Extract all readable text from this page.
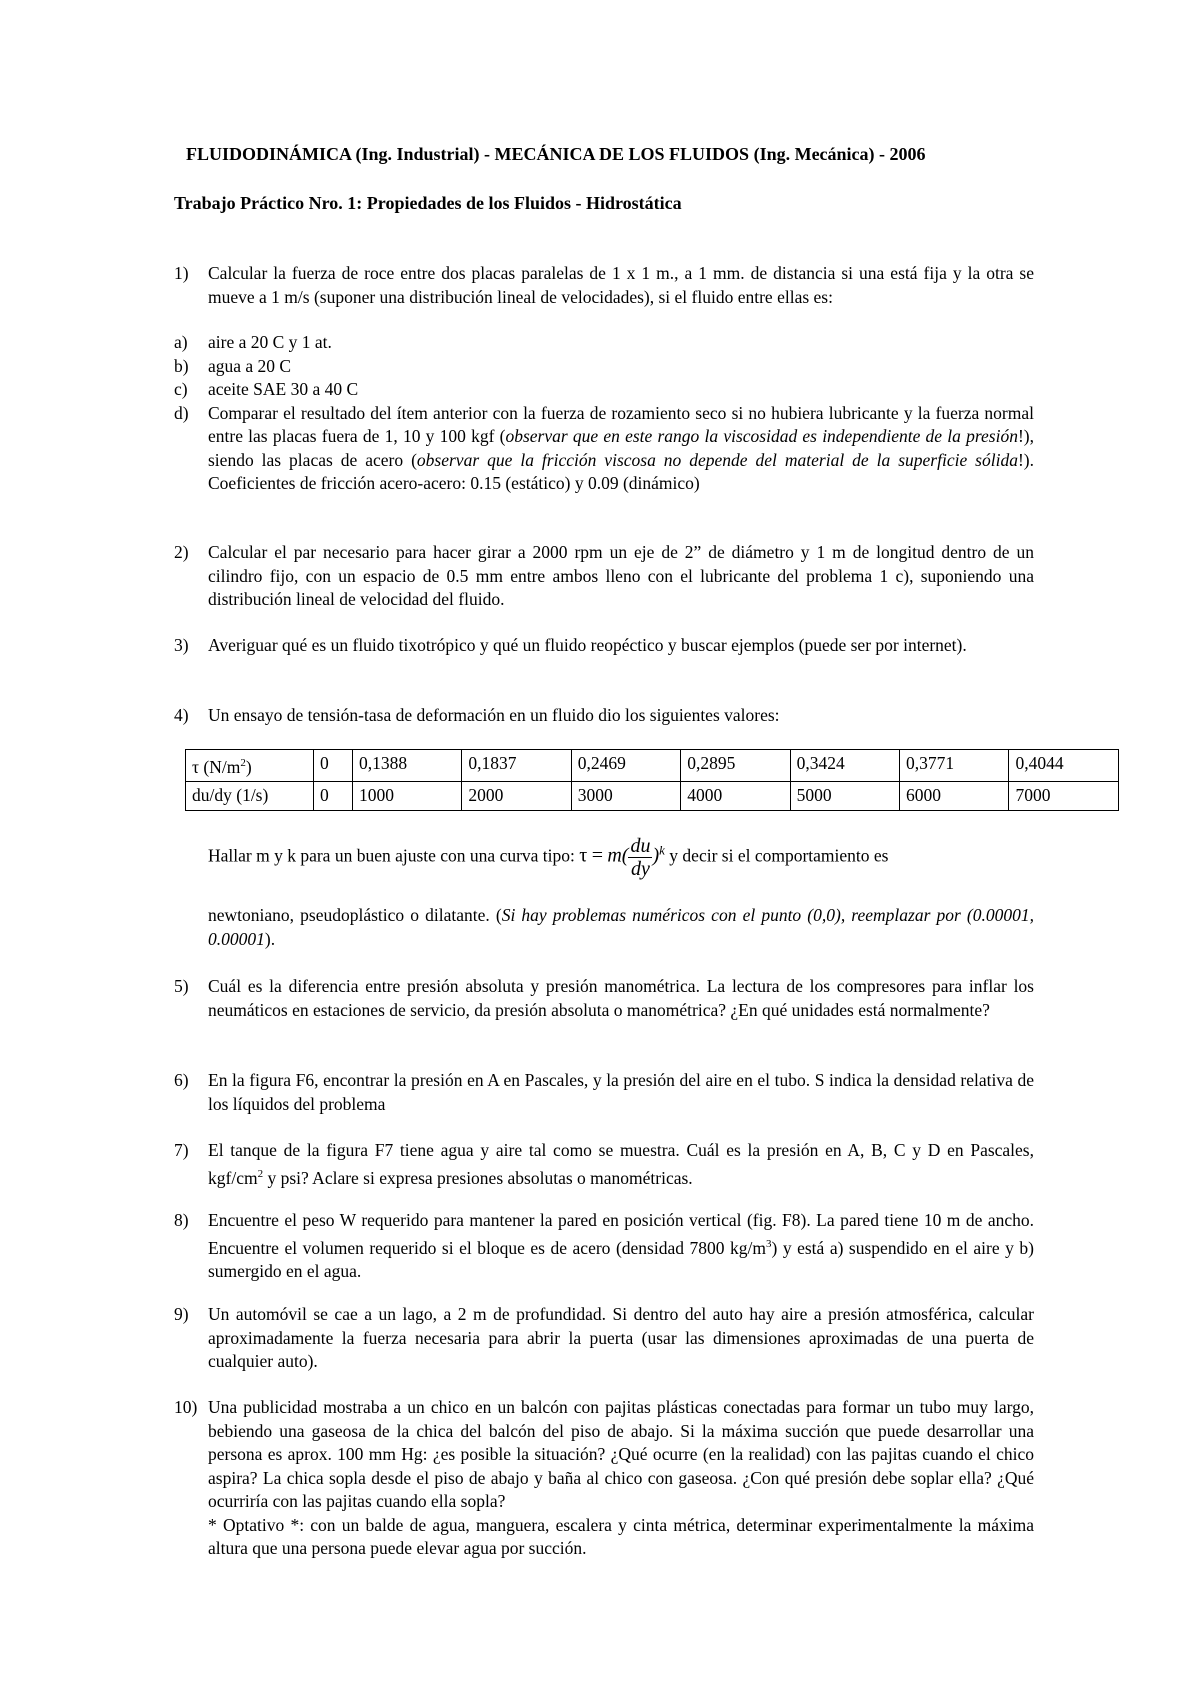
FLUIDODINÁMICA (Ing. Industrial) - MECÁNICA DE LOS FLUIDOS (Ing. Mecánica) - 2006
Trabajo Práctico Nro. 1: Propiedades de los Fluidos - Hidrostática
1) Calcular la fuerza de roce entre dos placas paralelas de 1 x 1 m., a 1 mm. de distancia si una está fija y la otra se mueve a 1 m/s (suponer una distribución lineal de velocidades), si el fluido entre ellas es:
a) aire a 20 C y 1 at.
b) agua a 20 C
c) aceite SAE 30 a 40 C
d) Comparar el resultado del ítem anterior con la fuerza de rozamiento seco si no hubiera lubricante y la fuerza normal entre las placas fuera de 1, 10 y 100 kgf (observar que en este rango la viscosidad es independiente de la presión!), siendo las placas de acero (observar que la fricción viscosa no depende del material de la superficie sólida!). Coeficientes de fricción acero-acero: 0.15 (estático) y 0.09 (dinámico)
2) Calcular el par necesario para hacer girar a 2000 rpm un eje de 2” de diámetro y 1 m de longitud dentro de un cilindro fijo, con un espacio de 0.5 mm entre ambos lleno con el lubricante del problema 1 c), suponiendo una distribución lineal de velocidad del fluido.
3) Averiguar qué es un fluido tixotrópico y qué un fluido reopéctico y buscar ejemplos (puede ser por internet).
4) Un ensayo de tensión-tasa de deformación en un fluido dio los siguientes valores:
τ $(N/m^2)$	0	0,1388	0,1837	0,2469	0,2895	0,3424	0,3771	0,4044
du/dy (1/s)	0	1000	2000	3000	4000	5000	6000	7000
Hallar m y k para un buen ajuste con una curva tipo: $\tau = m( \frac{du}{dy} )^k$ y decir si el comportamiento es
newtoniano, pseudoplástico o dilatante. (Si hay problemas numéricos con el punto (0,0), reemplazar por (0.00001, 0.00001).
5) Cuál es la diferencia entre presión absoluta y presión manométrica. La lectura de los compresores para inflar los neumáticos en estaciones de servicio, da presión absoluta o manométrica? ¿En qué unidades está normalmente?
6) En la figura F6, encontrar la presión en A en Pascales, y la presión del aire en el tubo. S indica la densidad relativa de los líquidos del problema
7) El tanque de la figura F7 tiene agua y aire tal como se muestra. Cuál es la presión en A, B, C y D en Pascales, kgf/$cm^2$ y psi? Aclare si expresa presiones absolutas o manométricas.
8) Encuentre el peso W requerido para mantener la pared en posición vertical (fig. F8). La pared tiene 10 m de ancho. Encuentre el volumen requerido si el bloque es de acero (densidad 7800 $kg/m^3$) y está a) suspendido en el aire y b) sumergido en el agua.
9) Un automóvil se cae a un lago, a 2 m de profundidad. Si dentro del auto hay aire a presión atmosférica, calcular aproximadamente la fuerza necesaria para abrir la puerta (usar las dimensiones aproximadas de una puerta de cualquier auto).
10) Una publicidad mostraba a un chico en un balcón con pajitas plásticas conectadas para formar un tubo muy largo, bebiendo una gaseosa de la chica del balcón del piso de abajo. Si la máxima succión que puede desarrollar una persona es aprox. 100 mm Hg: ¿es posible la situación? ¿Qué ocurre (en la realidad) con las pajitas cuando el chico aspira? La chica sopla desde el piso de abajo y baña al chico con gaseosa. ¿Con qué presión debe soplar ella? ¿Qué ocurriría con las pajitas cuando ella sopla?
* Optativo *: con un balde de agua, manguera, escalera y cinta métrica, determinar experimentalmente la máxima altura que una persona puede elevar agua por succión.
